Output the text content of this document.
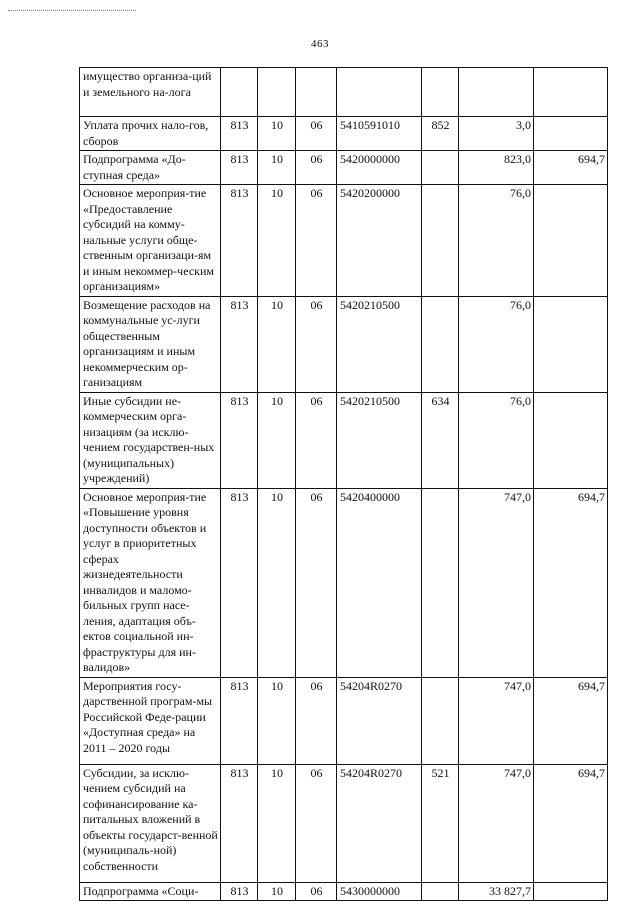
463
имущество организа-ций и земельного на-лога							
Уплата прочих нало-гов, сборов	813	10	06	5410591010	852	3,0	
Подпрограмма «До-ступная среда»	813	10	06	5420000000		823,0	694,7
Основное мероприя-тие «Предоставление субсидий на комму-нальные услуги обще-ственным организаци-ям и иным некоммер-ческим организациям»	813	10	06	5420200000		76,0	
Возмещение расходов на коммунальные ус-луги общественным организациям и иным некоммерческим ор-ганизациям	813	10	06	5420210500		76,0	
Иные субсидии не-коммерческим орга-низациям (за исклю-чением государствен-ных (муниципальных) учреждений)	813	10	06	5420210500	634	76,0	
Основное мероприя-тие «Повышение уровня доступности объектов и услуг в приоритетных сферах жизнедеятельности инвалидов и маломо-бильных групп насе-ления, адаптация объ-ектов социальной ин-фраструктуры для ин-валидов»	813	10	06	5420400000		747,0	694,7
Мероприятия госу-дарственной програм-мы Российской Феде-рации «Доступная среда» на 2011 – 2020 годы	813	10	06	54204R0270		747,0	694,7
Субсидии, за исклю-чением субсидий на софинансирование ка-питальных вложений в объекты государст-венной (муниципаль-ной) собственности	813	10	06	54204R0270	521	747,0	694,7
Подпрограмма «Соци-	813	10	06	5430000000		33 827,7	
